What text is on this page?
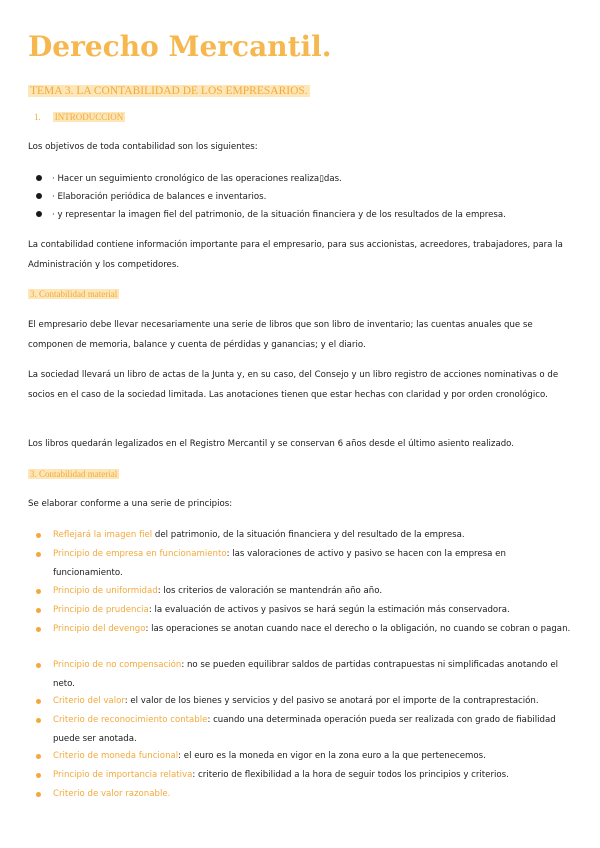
Derecho Mercantil.
TEMA 3. LA CONTABILIDAD DE LOS EMPRESARIOS.
1. INTRODUCCION

Los objetivos de toda contabilidad son los siguientes:

· Hacer un seguimiento cronológico de las operaciones realiza▯das.
· Elaboración periódica de balances e inventarios.
· y representar la imagen fiel del patrimonio, de la situación financiera y de los resultados de la empresa.

La contabilidad contiene información importante para el empresario, para sus accionistas, acreedores, trabajadores, para la Administración y los competidores.

3. Contabilidad material

El empresario debe llevar necesariamente una serie de libros que son libro de inventario; las cuentas anuales que se componen de memoria, balance y cuenta de pérdidas y ganancias; y el diario.

La sociedad llevará un libro de actas de la Junta y, en su caso, del Consejo y un libro registro de acciones nominativas o de socios en el caso de la sociedad limitada. Las anotaciones tienen que estar hechas con claridad y por orden cronológico.

Los libros quedarán legalizados en el Registro Mercantil y se conservan 6 años desde el último asiento realizado.

3. Contabilidad material

Se elaborar conforme a una serie de principios:

Reflejará la imagen fiel del patrimonio, de la situación financiera y del resultado de la empresa.
Principio de empresa en funcionamiento: las valoraciones de activo y pasivo se hacen con la empresa en funcionamiento.
Principio de uniformidad: los criterios de valoración se mantendrán año año.
Principio de prudencia: la evaluación de activos y pasivos se hará según la estimación más conservadora.
Principio del devengo: las operaciones se anotan cuando nace el derecho o la obligación, no cuando se cobran o pagan.
Principio de no compensación: no se pueden equilibrar saldos de partidas contrapuestas ni simplificadas anotando el neto.
Criterio del valor: el valor de los bienes y servicios y del pasivo se anotará por el importe de la contraprestación.
Criterio de reconocimiento contable: cuando una determinada operación pueda ser realizada con grado de fiabilidad puede ser anotada.
Criterio de moneda funcional: el euro es la moneda en vigor en la zona euro a la que pertenecemos.
Principio de importancia relativa: criterio de flexibilidad a la hora de seguir todos los principios y criterios.
Criterio de valor razonable.
